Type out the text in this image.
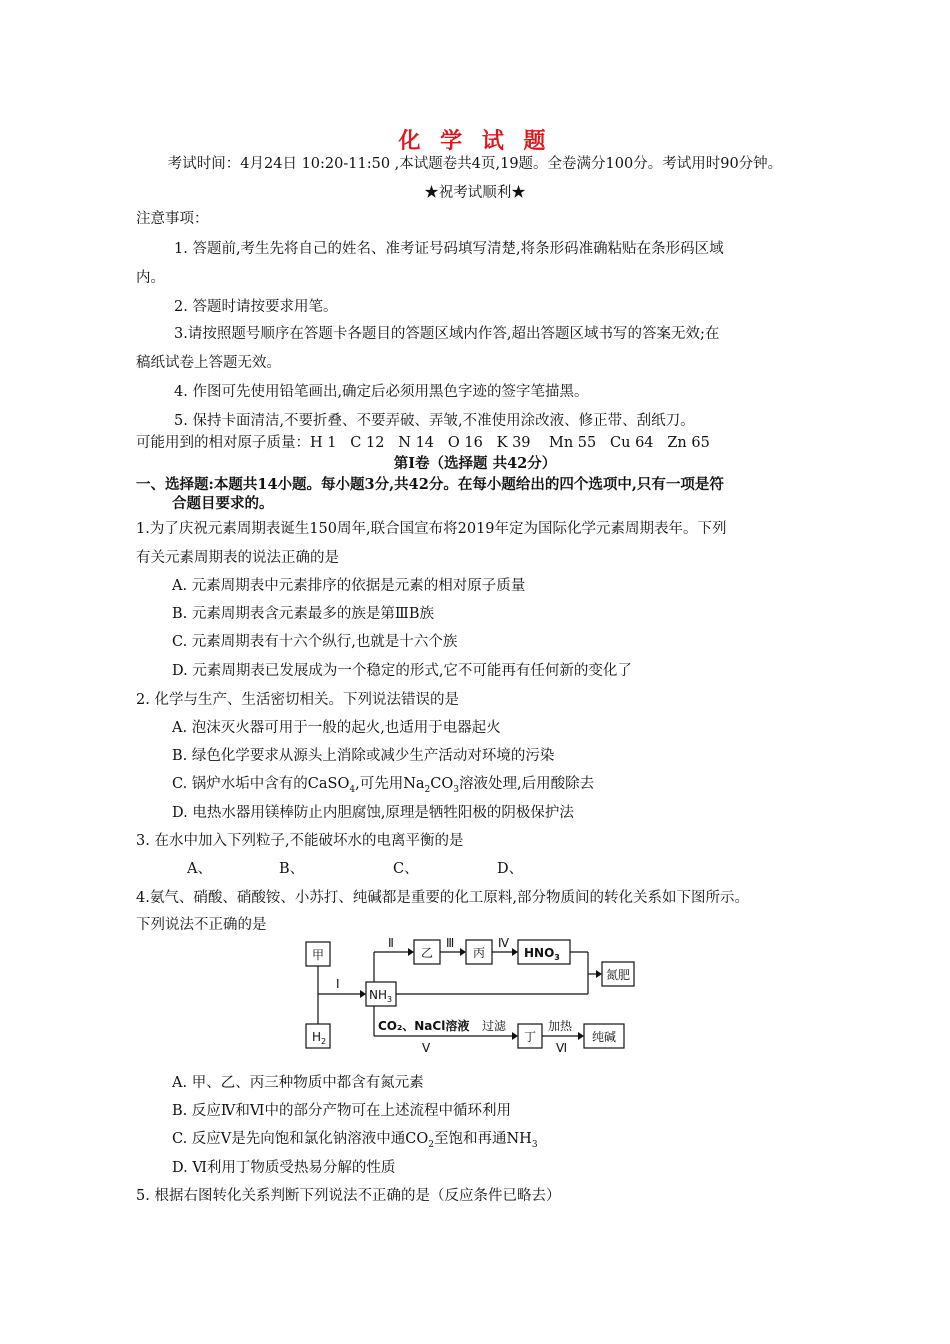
化 学 试 题
考试时间：4月24日 10:20-11:50 ,本试题卷共4页,19题。全卷满分100分。考试用时90分钟。
★祝考试顺利★
注意事项：
1. 答题前,考生先将自己的姓名、准考证号码填写清楚,将条形码准确粘贴在条形码区域
内。
2. 答题时请按要求用笔。
3.请按照题号顺序在答题卡各题目的答题区域内作答,超出答题区域书写的答案无效;在
稿纸试卷上答题无效。
4. 作图可先使用铅笔画出,确定后必须用黑色字迹的签字笔描黑。
5. 保持卡面清洁,不要折叠、不要弄破、弄皱,不准使用涂改液、修正带、刮纸刀。
可能用到的相对原子质量：H 1   C 12   N 14   O 16   K 39    Mn 55   Cu 64   Zn 65
第Ⅰ卷（选择题 共42分）
一、选择题:本题共14小题。每小题3分,共42分。在每小题给出的四个选项中,只有一项是符
合题目要求的。
1.为了庆祝元素周期表诞生150周年,联合国宣布将2019年定为国际化学元素周期表年。下列
有关元素周期表的说法正确的是
A. 元素周期表中元素排序的依据是元素的相对原子质量
B. 元素周期表含元素最多的族是第ⅢB族
C. 元素周期表有十六个纵行,也就是十六个族
D. 元素周期表已发展成为一个稳定的形式,它不可能再有任何新的变化了
2. 化学与生产、生活密切相关。下列说法错误的是
A. 泡沫灭火器可用于一般的起火,也适用于电器起火
B. 绿色化学要求从源头上消除或减少生产活动对环境的污染
C. 锅炉水垢中含有的CaSO$_4$,可先用$Na_2CO_3$溶液处理,后用酸除去
D. 电热水器用镁棒防止内胆腐蚀,原理是牺牲阳极的阴极保护法
3. 在水中加入下列粒子,不能破坏水的电离平衡的是
A、	B、	C、	D、
4.氨气、硝酸、硝酸铵、小苏打、纯碱都是重要的化工原料,部分物质间的转化关系如下图所示。
下列说法不正确的是
甲
$H_2$
I
$NH_3$
Ⅱ
乙
Ⅲ
丙
Ⅳ
$HNO_3$
氮肥
CO₂、NaCl溶液 过滤
V
丁
加热
Ⅵ
纯碱
A. 甲、乙、丙三种物质中都含有氮元素
B. 反应Ⅳ和Ⅵ中的部分产物可在上述流程中循环利用
C. 反应V是先向饱和氯化钠溶液中通$CO_2$至饱和再通$NH_3$
D. Ⅵ利用丁物质受热易分解的性质
5. 根据右图转化关系判断下列说法不正确的是（反应条件已略去）
